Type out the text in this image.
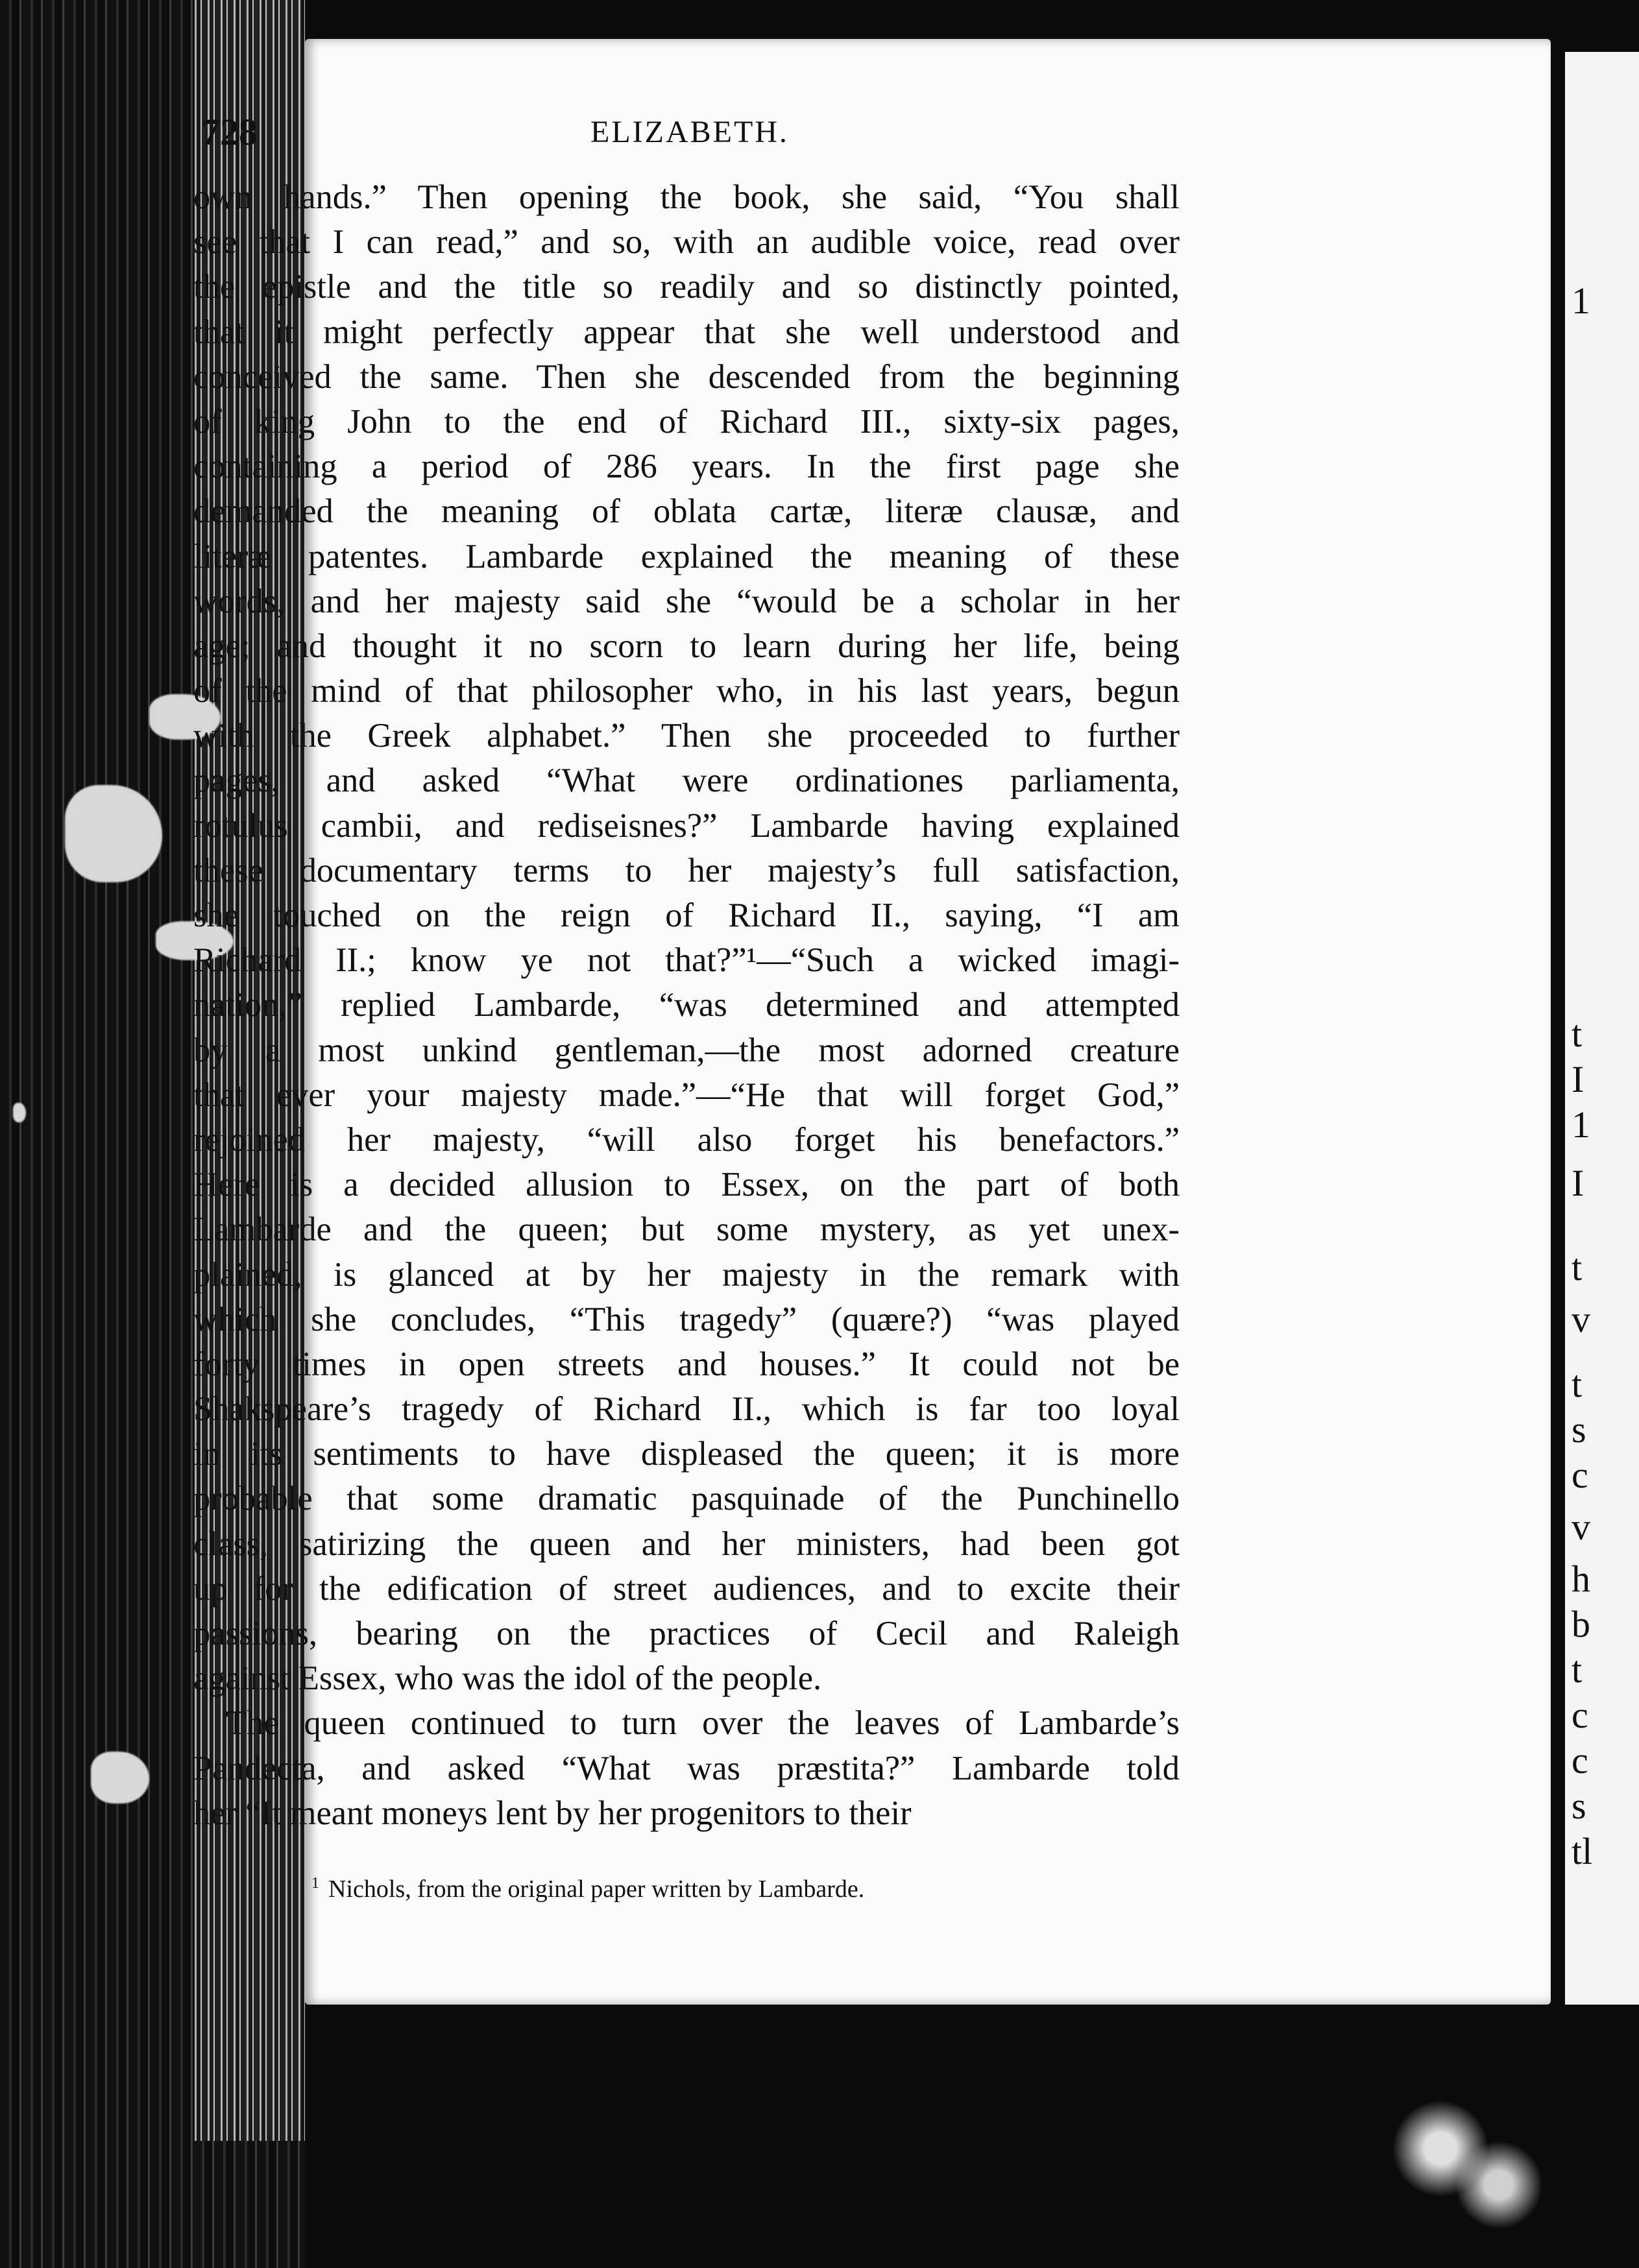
1
t
I
1
I
t
v
t
s
c
v
h
b
t
c
c
s
tl
728	ELIZABETH.
own hands.” Then opening the book, she said, “You shall
see that I can read,” and so, with an audible voice, read over
the epistle and the title so readily and so distinctly pointed,
that it might perfectly appear that she well understood and
conceived the same. Then she descended from the beginning
of king John to the end of Richard III., sixty-six pages,
containing a period of 286 years. In the first page she
demanded the meaning of oblata cartæ, literæ clausæ, and
literæ patentes. Lambarde explained the meaning of these
words, and her majesty said she “would be a scholar in her
age; and thought it no scorn to learn during her life, being
of the mind of that philosopher who, in his last years, begun
with the Greek alphabet.” Then she proceeded to further
pages, and asked “What were ordinationes parliamenta,
rotulus cambii, and rediseisnes?” Lambarde having explained
these documentary terms to her majesty’s full satisfaction,
she touched on the reign of Richard II., saying, “I am
Richard II.; know ye not that?”¹—“Such a wicked imagi-
nation,” replied Lambarde, “was determined and attempted
by a most unkind gentleman,—the most adorned creature
that ever your majesty made.”—“He that will forget God,”
rejoined her majesty, “will also forget his benefactors.”
Here is a decided allusion to Essex, on the part of both
Lambarde and the queen; but some mystery, as yet unex-
plained, is glanced at by her majesty in the remark with
which she concludes, “This tragedy” (quære?) “was played
forty times in open streets and houses.” It could not be
Shakspeare’s tragedy of Richard II., which is far too loyal
in its sentiments to have displeased the queen; it is more
probable that some dramatic pasquinade of the Punchinello
class, satirizing the queen and her ministers, had been got
up for the edification of street audiences, and to excite their
passions, bearing on the practices of Cecil and Raleigh
against Essex, who was the idol of the people.
The queen continued to turn over the leaves of Lambarde’s
Pandecta, and asked “What was præstita?” Lambarde told
her “It meant moneys lent by her progenitors to their
$^1$ Nichols, from the original paper written by Lambarde.
